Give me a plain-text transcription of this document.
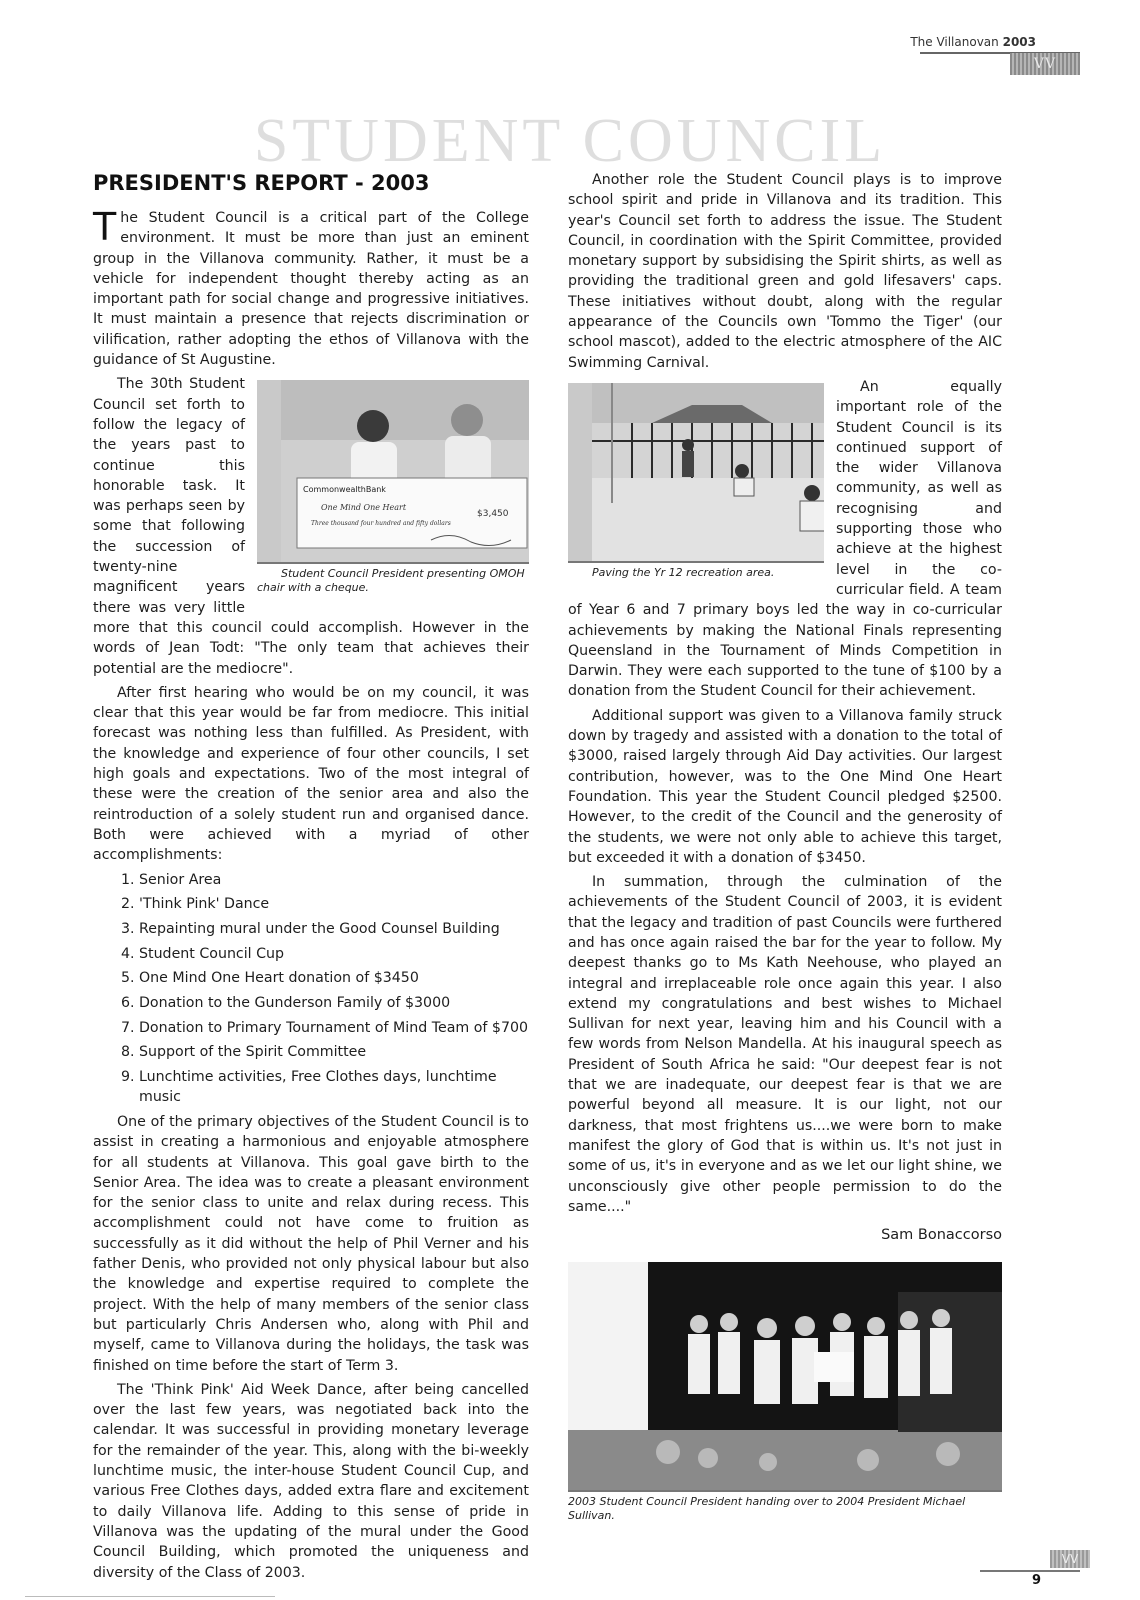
The Villanovan 2003
VV
STUDENT COUNCIL
PRESIDENT'S REPORT - 2003

The Student Council is a critical part of the College environment. It must be more than just an eminent group in the Villanova community. Rather, it must be a vehicle for independent thought thereby acting as an important path for social change and progressive initiatives. It must maintain a presence that rejects discrimination or vilification, rather adopting the ethos of Villanova with the guidance of St Augustine.

CommonwealthBank
One Mind One Heart
Three thousand four hundred and fifty dollars
$3,450
Student Council President presenting OMOH chair with a cheque.
The 30th Student Council set forth to follow the legacy of the years past to continue this honorable task. It was perhaps seen by some that following the succession of twenty-nine magnificent years there was very little more that this council could accomplish. However in the words of Jean Todt: "The only team that achieves their potential are the mediocre".

After first hearing who would be on my council, it was clear that this year would be far from mediocre. This initial forecast was nothing less than fulfilled. As President, with the knowledge and experience of four other councils, I set high goals and expectations. Two of the most integral of these were the creation of the senior area and also the reintroduction of a solely student run and organised dance. Both were achieved with a myriad of other accomplishments:

1. Senior Area
2. 'Think Pink' Dance
3. Repainting mural under the Good Counsel Building
4. Student Council Cup
5. One Mind One Heart donation of $3450
6. Donation to the Gunderson Family of $3000
7. Donation to Primary Tournament of Mind Team of $700
8. Support of the Spirit Committee
9. Lunchtime activities, Free Clothes days, lunchtime music

One of the primary objectives of the Student Council is to assist in creating a harmonious and enjoyable atmosphere for all students at Villanova. This goal gave birth to the Senior Area. The idea was to create a pleasant environment for the senior class to unite and relax during recess. This accomplishment could not have come to fruition as successfully as it did without the help of Phil Verner and his father Denis, who provided not only physical labour but also the knowledge and expertise required to complete the project. With the help of many members of the senior class but particularly Chris Andersen who, along with Phil and myself, came to Villanova during the holidays, the task was finished on time before the start of Term 3.

The 'Think Pink' Aid Week Dance, after being cancelled over the last few years, was negotiated back into the calendar. It was successful in providing monetary leverage for the remainder of the year. This, along with the bi-weekly lunchtime music, the inter-house Student Council Cup, and various Free Clothes days, added extra flare and excitement to daily Villanova life. Adding to this sense of pride in Villanova was the updating of the mural under the Good Council Building, which promoted the uniqueness and diversity of the Class of 2003.

Another role the Student Council plays is to improve school spirit and pride in Villanova and its tradition. This year's Council set forth to address the issue. The Student Council, in coordination with the Spirit Committee, provided monetary support by subsidising the Spirit shirts, as well as providing the traditional green and gold lifesavers' caps. These initiatives without doubt, along with the regular appearance of the Councils own 'Tommo the Tiger' (our school mascot), added to the electric atmosphere of the AIC Swimming Carnival.

Paving the Yr 12 recreation area.
An equally important role of the Student Council is its continued support of the wider Villanova community, as well as recognising and supporting those who achieve at the highest level in the co-curricular field. A team of Year 6 and 7 primary boys led the way in co-curricular achievements by making the National Finals representing Queensland in the Tournament of Minds Competition in Darwin. They were each supported to the tune of $100 by a donation from the Student Council for their achievement.

Additional support was given to a Villanova family struck down by tragedy and assisted with a donation to the total of $3000, raised largely through Aid Day activities. Our largest contribution, however, was to the One Mind One Heart Foundation. This year the Student Council pledged $2500. However, to the credit of the Council and the generosity of the students, we were not only able to achieve this target, but exceeded it with a donation of $3450.

In summation, through the culmination of the achievements of the Student Council of 2003, it is evident that the legacy and tradition of past Councils were furthered and has once again raised the bar for the year to follow. My deepest thanks go to Ms Kath Neehouse, who played an integral and irreplaceable role once again this year. I also extend my congratulations and best wishes to Michael Sullivan for next year, leaving him and his Council with a few words from Nelson Mandella. At his inaugural speech as President of South Africa he said: "Our deepest fear is not that we are inadequate, our deepest fear is that we are powerful beyond all measure. It is our light, not our darkness, that most frightens us....we were born to make manifest the glory of God that is within us. It's not just in some of us, it's in everyone and as we let our light shine, we unconsciously give other people permission to do the same...."

Sam Bonaccorso
2003 Student Council President handing over to 2004 President Michael Sullivan.
VV
9
